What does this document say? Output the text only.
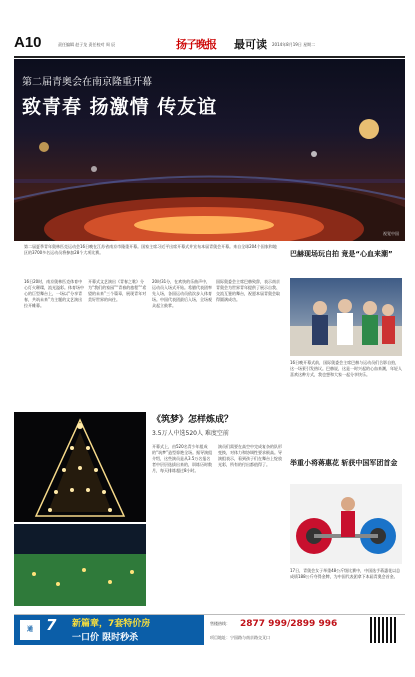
A10	责任编辑 赵子龙 责任校对 周 辰	扬子晚报 最可读 2014年8月19日 星期二
第二届青奥会在南京隆重开幕
致青春 扬激情 传友谊
视觉中国
第二届夏季青年奥林匹克运动会16日晚在江苏省南京市隆重开幕。国家主席习近平出席开幕式并宣布本届青奥会开幕。来自全球204个国家和地区的3700多名运动员将参加28个大项比赛。
16日20时，南京奥林匹克体育中心灯火璀璨，流光溢彩。体育场中心的巨型舞台上，一场以“分享青春，共筑未来”为主题的文艺演出拉开帷幕。
开幕式文艺演出《青春之歌》分为“我们的家园”“青春的旅程”“希望的未来”三个篇章，展现青年对美好世界的向往。
20时31分，在欢快的乐曲声中，运动员入场式开始。希腊代表团率先入场，各国运动员依次步入体育场。中国代表团最后入场，全场观众起立鼓掌。
国际奥委会主席巴赫致辞，表示南京青奥会为世界青年提供了展示自我、交流互鉴的舞台，祝愿本届青奥会取得圆满成功。
巴赫现场玩自拍 竟是“心血来潮”
16日晚开幕式前，国际奥委会主席巴赫与运动员们合影自拍，这一场景引发热议。巴赫说，这是一时兴起的心血来潮，年轻人喜欢这种方式，我也想和大家一起分享快乐。
举重小将蒋惠花 斩获中国军团首金
17日，青奥会女子举重48公斤级比赛中，中国选手蒋惠花以总成绩188公斤夺得金牌，为中国代表团拿下本届青奥会首金。
《筑梦》怎样炼成？
3.5万人中选520人 难度空前
开幕式上，由520名青少年组成的“筑梦”造型惊艳全场。据导演组介绍，这些演员是从3.5万名报名者中层层选拔出来的，训练历时数月，每天排练超过8小时。
演员们需要在高空中完成复杂的队形变换，对体力和协调性要求极高。导演组表示，看到孩子们在舞台上绽放光彩，所有的付出都值得了。
通 7 新篇章，7套特价房
一口价 限时秒杀
售楼热线：	2877 999/2899 996
项目地址：宁国路与南京路交叉口
